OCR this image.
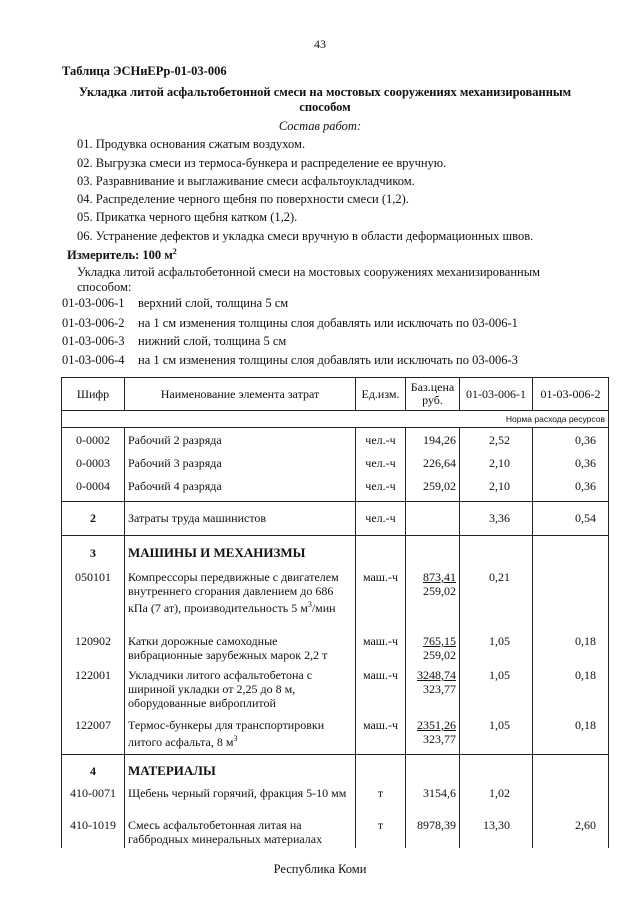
43
Таблица ЭСНиЕРр-01-03-006
Укладка литой асфальтобетонной смеси на мостовых сооружениях механизированным способом
Состав работ:
01. Продувка основания сжатым воздухом.
02. Выгрузка смеси из термоса-бункера и распределение ее вручную.
03. Разравнивание и выглаживание смеси асфальтоукладчиком.
04. Распределение черного щебня по поверхности смеси (1,2).
05. Прикатка черного щебня катком (1,2).
06. Устранение дефектов и укладка смеси вручную в области деформационных швов.
Измеритель: 100 $м^2$
Укладка литой асфальтобетонной смеси на мостовых сооружениях механизированным способом:
01-03-006-1 верхний слой, толщина 5 см
01-03-006-2 на 1 см изменения толщины слоя добавлять или исключать по 03-006-1
01-03-006-3 нижний слой, толщина 5 см
01-03-006-4 на 1 см изменения толщины слоя добавлять или исключать по 03-006-3
Шифр	Наименование элемента затрат	Ед.изм.	Баз.цена руб.	01-03-006-1	01-03-006-2
Норма расхода ресурсов					
0-0002	Рабочий 2 разряда	чел.-ч	194,26	2,52	0,36
0-0003	Рабочий 3 разряда	чел.-ч	226,64	2,10	0,36
0-0004	Рабочий 4 разряда	чел.-ч	259,02	2,10	0,36
2	Затраты труда машинистов	чел.-ч		3,36	0,54
3	МАШИНЫ И МЕХАНИЗМЫ				
050101	Компрессоры передвижные с двигателем внутреннего сгорания давлением до 686 кПа (7 ат), производительность 5 $м^3$/мин	маш.-ч	873,41
259,02	0,21	
120902	Катки дорожные самоходные вибрационные зарубежных марок 2,2 т	маш.-ч	765,15
259,02	1,05	0,18
122001	Укладчики литого асфальтобетона с шириной укладки от 2,25 до 8 м, оборудованные виброплитой	маш.-ч	3248,74
323,77	1,05	0,18
122007	Термос-бункеры для транспортировки литого асфальта, 8 $м^3$	маш.-ч	2351,26
323,77	1,05	0,18
4	МАТЕРИАЛЫ				
410-0071	Щебень черный горячий, фракция 5-10 мм	т	3154,6	1,02	
410-1019	Смесь асфальтобетонная литая на габбродных минеральных материалах	т	8978,39	13,30	2,60
Республика Коми
